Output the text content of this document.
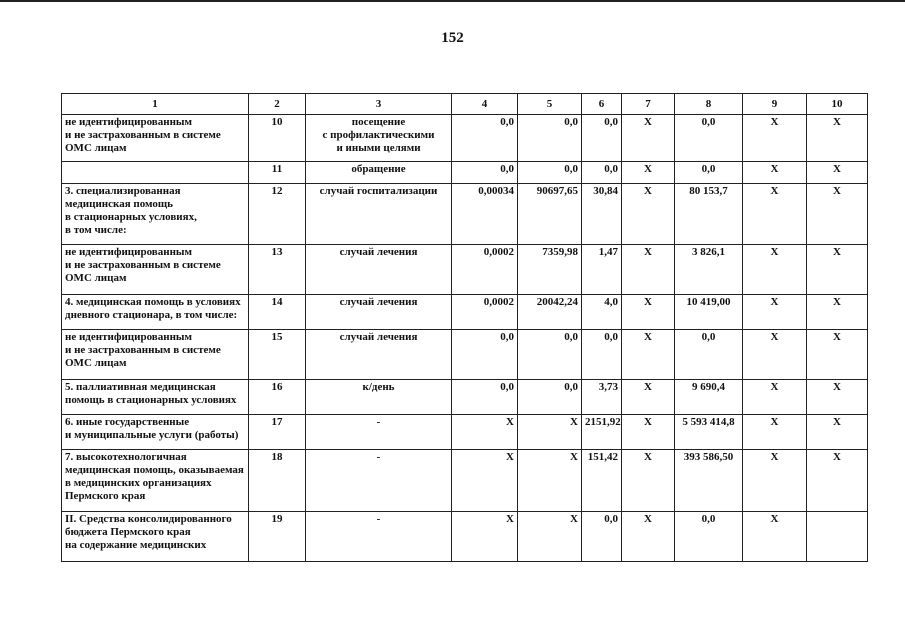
152
1	2	3	4	5	6	7	8	9	10
не идентифицированным
и не застрахованным в системе
ОМС лицам	10	посещение
с профилактическими
и иными целями	0,0	0,0	0,0	Х	0,0	Х	Х
	11	обращение	0,0	0,0	0,0	Х	0,0	Х	Х
3. специализированная
медицинская помощь
в стационарных условиях,
в том числе:	12	случай госпитализации	0,00034	90697,65	30,84	Х	80 153,7	Х	Х
не идентифицированным
и не застрахованным в системе
ОМС лицам	13	случай лечения	0,0002	7359,98	1,47	Х	3 826,1	Х	Х
4. медицинская помощь в условиях
дневного стационара, в том числе:	14	случай лечения	0,0002	20042,24	4,0	Х	10 419,00	Х	Х
не идентифицированным
и не застрахованным в системе
ОМС лицам	15	случай лечения	0,0	0,0	0,0	Х	0,0	Х	Х
5. паллиативная медицинская
помощь в стационарных условиях	16	к/день	0,0	0,0	3,73	Х	9 690,4	Х	Х
6. иные государственные
и муниципальные услуги (работы)	17	-	Х	Х	2151,92	Х	5 593 414,8	Х	Х
7. высокотехнологичная
медицинская помощь, оказываемая
в медицинских организациях
Пермского края	18	-	Х	Х	151,42	Х	393 586,50	Х	Х
II. Средства консолидированного
бюджета Пермского края
на содержание медицинских	19	-	Х	Х	0,0	Х	0,0	Х	
